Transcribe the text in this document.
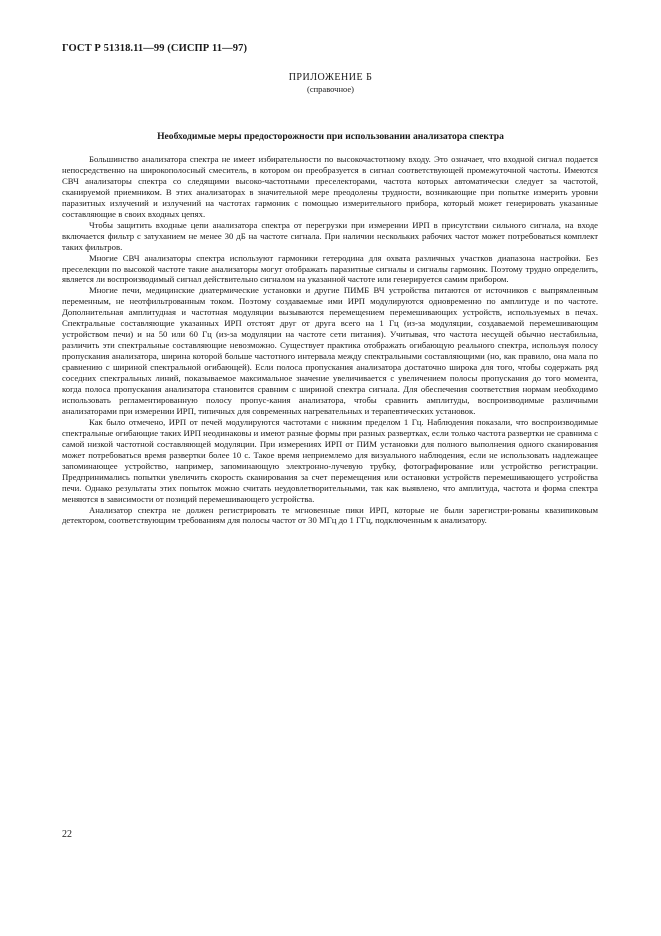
ГОСТ Р 51318.11—99 (СИСПР 11—97)
ПРИЛОЖЕНИЕ Б
(справочное)
Необходимые меры предосторожности при использовании анализатора спектра

Большинство анализатора спектра не имеет избирательности по высокочастотному входу. Это означает, что входной сигнал подается непосредственно на широкополосный смеситель, в котором он преобразуется в сигнал соответствующей промежуточной частоты. Имеются СВЧ анализаторы спектра со следящими высоко-частотными преселекторами, частота которых автоматически следует за частотой, сканируемой приемником. В этих анализаторах в значительной мере преодолены трудности, возникающие при попытке измерить уровни паразитных излучений и излучений на частотах гармоник с помощью измерительного прибора, который может генерировать указанные составляющие в своих входных цепях.

Чтобы защитить входные цепи анализатора спектра от перегрузки при измерении ИРП в присутствии сильного сигнала, на входе включается фильтр с затуханием не менее 30 дБ на частоте сигнала. При наличии нескольких рабочих частот может потребоваться комплект таких фильтров.

Многие СВЧ анализаторы спектра используют гармоники гетеродина для охвата различных участков диапазона настройки. Без преселекции по высокой частоте такие анализаторы могут отображать паразитные сигналы и сигналы гармоник. Поэтому трудно определить, является ли воспроизводимый сигнал действительно сигналом на указанной частоте или генерируется самим прибором.

Многие печи, медицинские диатермические установки и другие ПИМБ ВЧ устройства питаются от источников с выпрямленным переменным, не неотфильтрованным током. Поэтому создаваемые ими ИРП модулируются одновременно по амплитуде и по частоте. Дополнительная амплитудная и частотная модуляции вызываются перемещением перемешивающих устройств, используемых в печах. Спектральные составляющие указанных ИРП отстоят друг от друга всего на 1 Гц (из-за модуляции, создаваемой перемешивающим устройством печи) и на 50 или 60 Гц (из-за модуляции на частоте сети питания). Учитывая, что частота несущей обычно нестабильна, различить эти спектральные составляющие невозможно. Существует практика отображать огибающую реального спектра, используя полосу пропускания анализатора, ширина которой больше частотного интервала между спектральными составляющими (но, как правило, она мала по сравнению с шириной спектральной огибающей). Если полоса пропускания анализатора достаточно широка для того, чтобы содержать ряд соседних спектральных линий, показываемое максимальное значение увеличивается с увеличением полосы пропускания до того момента, когда полоса пропускания анализатора становится сравним с шириной спектра сигнала. Для обеспечения соответствия нормам необходимо использовать регламентированную полосу пропус-кания анализатора, чтобы сравнить амплитуды, воспроизводимые различными анализаторами при измерении ИРП, типичных для современных нагревательных и терапевтических установок.

Как было отмечено, ИРП от печей модулируются частотами с нижним пределом 1 Гц. Наблюдения показали, что воспроизводимые спектральные огибающие таких ИРП неодинаковы и имеют разные формы при разных развертках, если только частота развертки не сравнима с самой низкой частотной составляющей модуляции. При измерениях ИРП от ПИМ установки для полного выполнения одного сканирования может потребоваться время развертки более 10 с. Такое время неприемлемо для визуального наблюдения, если не использовать надлежащее запоминающее устройство, например, запоминающую электронно-лучевую трубку, фотографирование или устройство регистрации. Предпринимались попытки увеличить скорость сканирования за счет перемещения или остановки устройств перемешивающего устройства печи. Однако результаты этих попыток можно считать неудовлетворительными, так как выявлено, что амплитуда, частота и форма спектра меняются в зависимости от позиций перемешивающего устройства.

Анализатор спектра не должен регистрировать те мгновенные пики ИРП, которые не были зарегистри-рованы квазипиковым детектором, соответствующим требованиям для полосы частот от 30 МГц до 1 ГГц, подключенным к анализатору.

22
